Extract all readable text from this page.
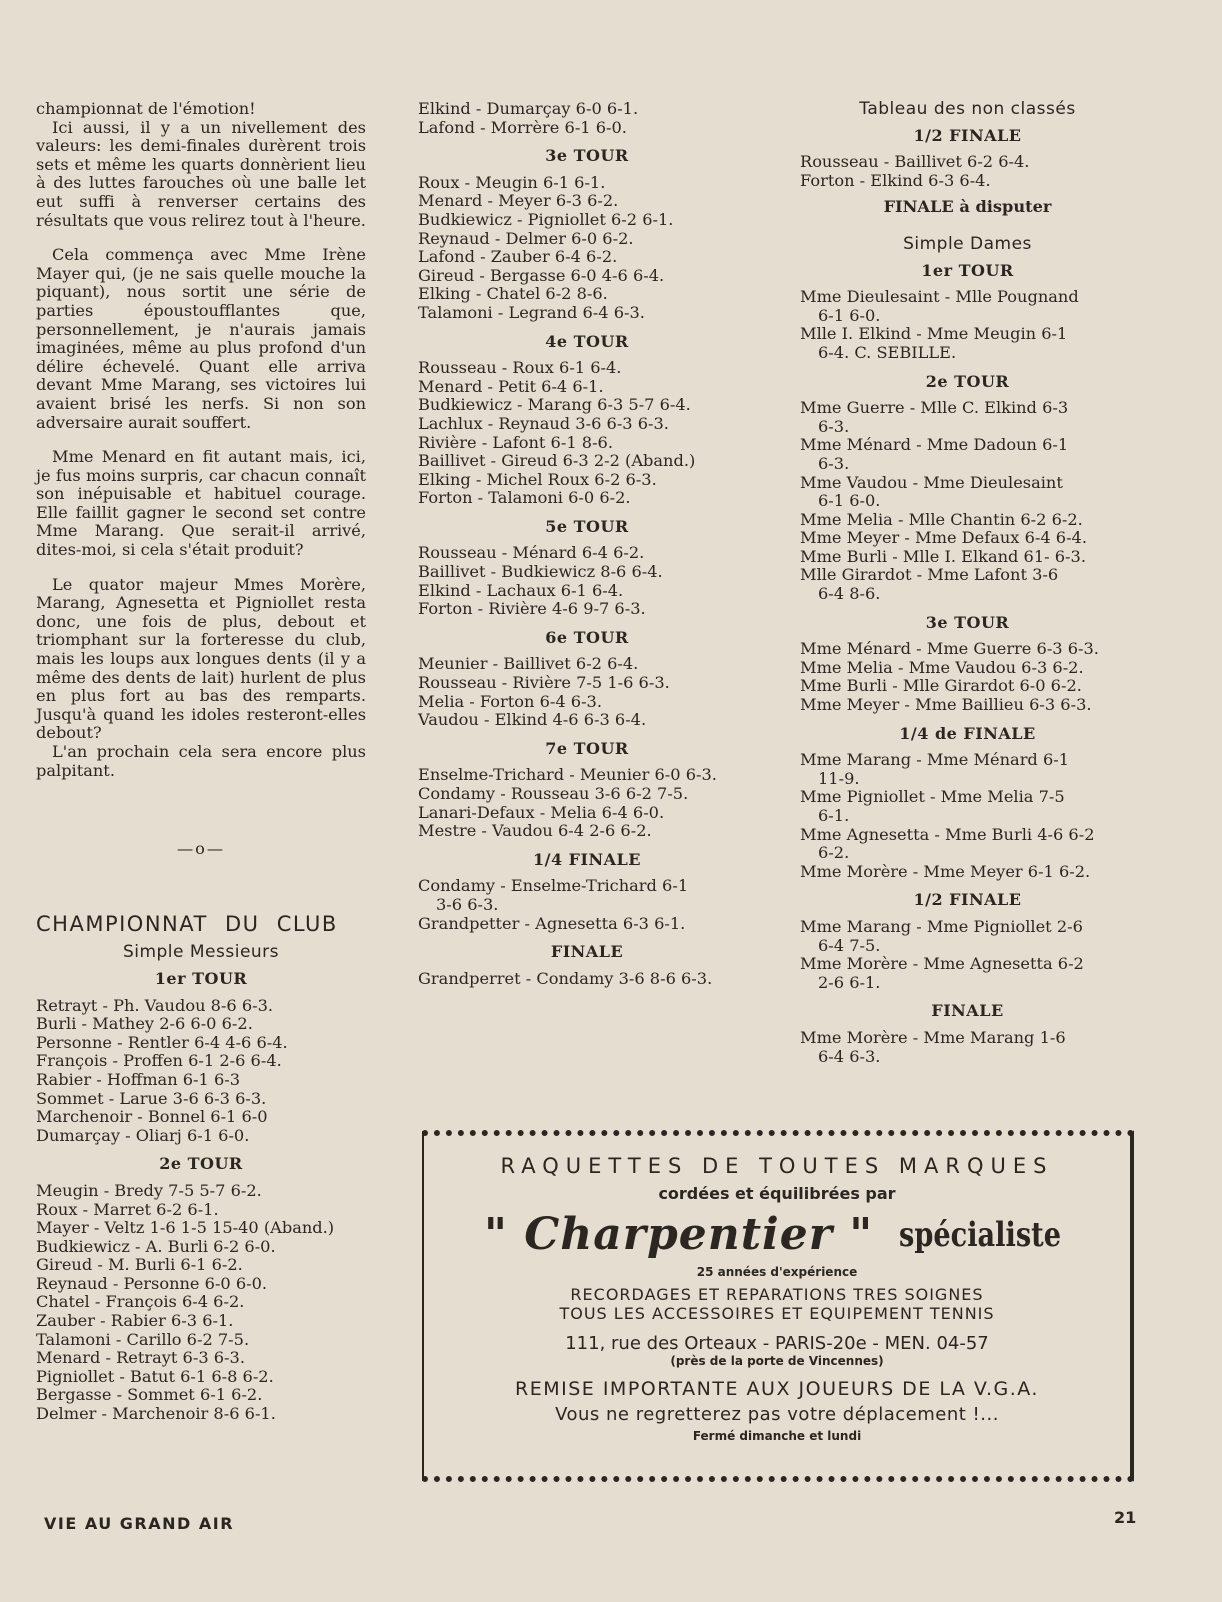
championnat de l'émotion!

Ici aussi, il y a un nivellement des valeurs: les demi-finales durèrent trois sets et même les quarts donnèrient lieu à des luttes farouches où une balle let eut suffi à renverser certains des résultats que vous relirez tout à l'heure.

Cela commença avec Mme Irène Mayer qui, (je ne sais quelle mouche la piquant), nous sortit une série de parties époustoufflantes que, personnellement, je n'aurais jamais imaginées, même au plus profond d'un délire échevelé. Quant elle arriva devant Mme Marang, ses victoires lui avaient brisé les nerfs. Si non son adversaire aurait souffert.

Mme Menard en fit autant mais, ici, je fus moins surpris, car chacun connaît son inépuisable et habituel courage. Elle faillit gagner le second set contre Mme Marang. Que serait-il arrivé, dites-moi, si cela s'était produit?

Le quator majeur Mmes Morère, Marang, Agnesetta et Pigniollet resta donc, une fois de plus, debout et triomphant sur la forteresse du club, mais les loups aux longues dents (il y a même des dents de lait) hurlent de plus en plus fort au bas des remparts. Jusqu'à quand les idoles resteront-elles debout?

L'an prochain cela sera encore plus palpitant.

—o—
CHAMPIONNAT DU CLUB
Simple Messieurs
1er TOUR
Retrayt - Ph. Vaudou 8-6 6-3.
Burli - Mathey 2-6 6-0 6-2.
Personne - Rentler 6-4 4-6 6-4.
François - Proffen 6-1 2-6 6-4.
Rabier - Hoffman 6-1 6-3
Sommet - Larue 3-6 6-3 6-3.
Marchenoir - Bonnel 6-1 6-0
Dumarçay - Oliarj 6-1 6-0.
2e TOUR
Meugin - Bredy 7-5 5-7 6-2.
Roux - Marret 6-2 6-1.
Mayer - Veltz 1-6 1-5 15-40 (Aband.)
Budkiewicz - A. Burli 6-2 6-0.
Gireud - M. Burli 6-1 6-2.
Reynaud - Personne 6-0 6-0.
Chatel - François 6-4 6-2.
Zauber - Rabier 6-3 6-1.
Talamoni - Carillo 6-2 7-5.
Menard - Retrayt 6-3 6-3.
Pigniollet - Batut 6-1 6-8 6-2.
Bergasse - Sommet 6-1 6-2.
Delmer - Marchenoir 8-6 6-1.
Elkind - Dumarçay 6-0 6-1.
Lafond - Morrère 6-1 6-0.
3e TOUR
Roux - Meugin 6-1 6-1.
Menard - Meyer 6-3 6-2.
Budkiewicz - Pigniollet 6-2 6-1.
Reynaud - Delmer 6-0 6-2.
Lafond - Zauber 6-4 6-2.
Gireud - Bergasse 6-0 4-6 6-4.
Elking - Chatel 6-2 8-6.
Talamoni - Legrand 6-4 6-3.
4e TOUR
Rousseau - Roux 6-1 6-4.
Menard - Petit 6-4 6-1.
Budkiewicz - Marang 6-3 5-7 6-4.
Lachlux - Reynaud 3-6 6-3 6-3.
Rivière - Lafont 6-1 8-6.
Baillivet - Gireud 6-3 2-2 (Aband.)
Elking - Michel Roux 6-2 6-3.
Forton - Talamoni 6-0 6-2.
5e TOUR
Rousseau - Ménard 6-4 6-2.
Baillivet - Budkiewicz 8-6 6-4.
Elkind - Lachaux 6-1 6-4.
Forton - Rivière 4-6 9-7 6-3.
6e TOUR
Meunier - Baillivet 6-2 6-4.
Rousseau - Rivière 7-5 1-6 6-3.
Melia - Forton 6-4 6-3.
Vaudou - Elkind 4-6 6-3 6-4.
7e TOUR
Enselme-Trichard - Meunier 6-0 6-3.
Condamy - Rousseau 3-6 6-2 7-5.
Lanari-Defaux - Melia 6-4 6-0.
Mestre - Vaudou 6-4 2-6 6-2.
1/4 FINALE
Condamy - Enselme-Trichard 6-1
3-6 6-3.
Grandpetter - Agnesetta 6-3 6-1.
FINALE
Grandperret - Condamy 3-6 8-6 6-3.
Tableau des non classés
1/2 FINALE
Rousseau - Baillivet 6-2 6-4.
Forton - Elkind 6-3 6-4.
FINALE à disputer
Simple Dames
1er TOUR
Mme Dieulesaint - Mlle Pougnand
6-1 6-0.
Mlle I. Elkind - Mme Meugin 6-1
6-4. C. SEBILLE.
2e TOUR
Mme Guerre - Mlle C. Elkind 6-3
6-3.
Mme Ménard - Mme Dadoun 6-1
6-3.
Mme Vaudou - Mme Dieulesaint
6-1 6-0.
Mme Melia - Mlle Chantin 6-2 6-2.
Mme Meyer - Mme Defaux 6-4 6-4.
Mme Burli - Mlle I. Elkand 61- 6-3.
Mlle Girardot - Mme Lafont 3-6
6-4 8-6.
3e TOUR
Mme Ménard - Mme Guerre 6-3 6-3.
Mme Melia - Mme Vaudou 6-3 6-2.
Mme Burli - Mlle Girardot 6-0 6-2.
Mme Meyer - Mme Baillieu 6-3 6-3.
1/4 de FINALE
Mme Marang - Mme Ménard 6-1
11-9.
Mme Pigniollet - Mme Melia 7-5
6-1.
Mme Agnesetta - Mme Burli 4-6 6-2
6-2.
Mme Morère - Mme Meyer 6-1 6-2.
1/2 FINALE
Mme Marang - Mme Pigniollet 2-6
6-4 7-5.
Mme Morère - Mme Agnesetta 6-2
2-6 6-1.
FINALE
Mme Morère - Mme Marang 1-6
6-4 6-3.
RAQUETTES DE TOUTES MARQUES
cordées et équilibrées par
" Charpentier " spécialiste
25 années d'expérience
RECORDAGES ET REPARATIONS TRES SOIGNES
TOUS LES ACCESSOIRES ET EQUIPEMENT TENNIS
111, rue des Orteaux - PARIS-20e - MEN. 04-57
(près de la porte de Vincennes)
REMISE IMPORTANTE AUX JOUEURS DE LA V.G.A.
Vous ne regretterez pas votre déplacement !...
Fermé dimanche et lundi
VIE AU GRAND AIR	21
